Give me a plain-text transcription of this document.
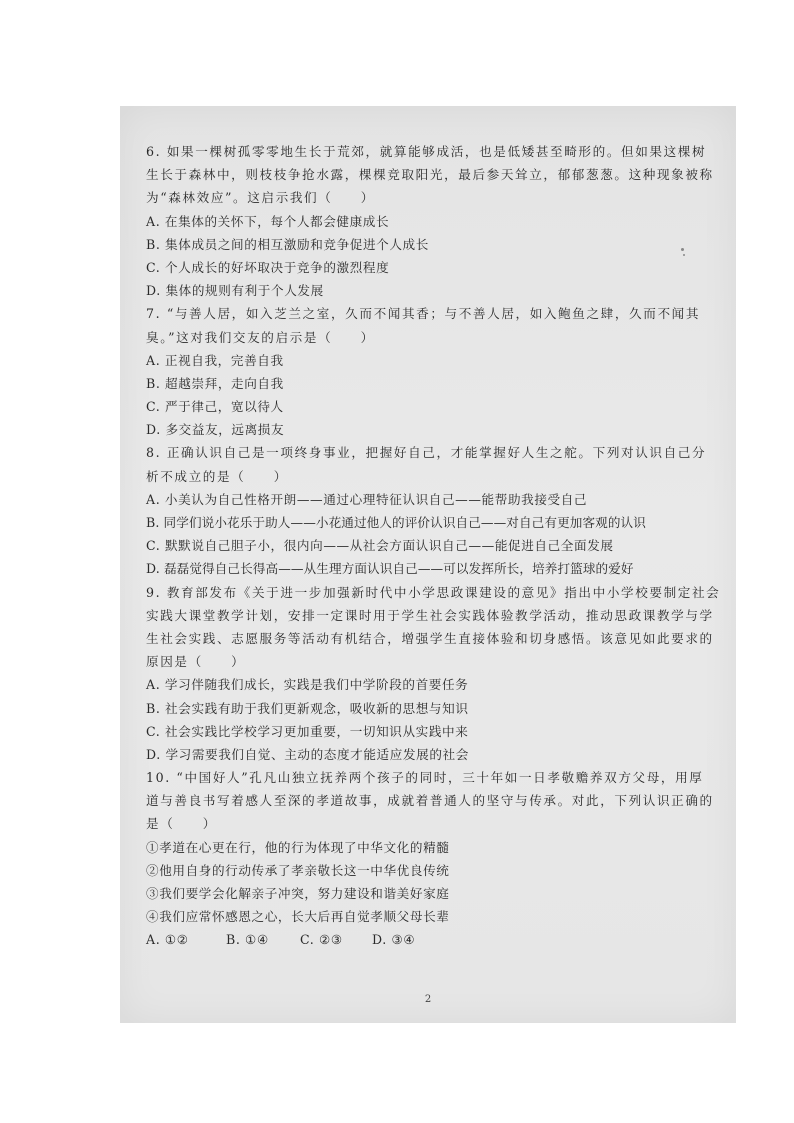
6. 如果一棵树孤零零地生长于荒郊，就算能够成活，也是低矮甚至畸形的。但如果这棵树
生长于森林中，则枝枝争抢水露，棵棵竞取阳光，最后参天耸立，郁郁葱葱。这种现象被称
为“森林效应”。这启示我们（　　）
A. 在集体的关怀下，每个人都会健康成长
B. 集体成员之间的相互激励和竞争促进个人成长
C. 个人成长的好坏取决于竞争的激烈程度
D. 集体的规则有利于个人发展
7. “与善人居，如入芝兰之室，久而不闻其香；与不善人居，如入鲍鱼之肆，久而不闻其
臭。”这对我们交友的启示是（　　）
A. 正视自我，完善自我
B. 超越崇拜，走向自我
C. 严于律己，宽以待人
D. 多交益友，远离损友
8. 正确认识自己是一项终身事业，把握好自己，才能掌握好人生之舵。下列对认识自己分
析不成立的是（　　）
A. 小美认为自己性格开朗——通过心理特征认识自己——能帮助我接受自己
B. 同学们说小花乐于助人——小花通过他人的评价认识自己——对自己有更加客观的认识
C. 默默说自己胆子小，很内向——从社会方面认识自己——能促进自己全面发展
D. 磊磊觉得自己长得高——从生理方面认识自己——可以发挥所长，培养打篮球的爱好
9. 教育部发布《关于进一步加强新时代中小学思政课建设的意见》指出中小学校要制定社会
实践大课堂教学计划，安排一定课时用于学生社会实践体验教学活动，推动思政课教学与学
生社会实践、志愿服务等活动有机结合，增强学生直接体验和切身感悟。该意见如此要求的
原因是（　　）
A. 学习伴随我们成长，实践是我们中学阶段的首要任务
B. 社会实践有助于我们更新观念，吸收新的思想与知识
C. 社会实践比学校学习更加重要，一切知识从实践中来
D. 学习需要我们自觉、主动的态度才能适应发展的社会
10. “中国好人”孔凡山独立抚养两个孩子的同时，三十年如一日孝敬赡养双方父母，用厚
道与善良书写着感人至深的孝道故事，成就着普通人的坚守与传承。对此，下列认识正确的
是（　　）
①孝道在心更在行，他的行为体现了中华文化的精髓
②他用自身的行动传承了孝亲敬长这一中华优良传统
③我们要学会化解亲子冲突，努力建设和谐美好家庭
④我们应常怀感恩之心，长大后再自觉孝顺父母长辈
A. ①②	B. ①④	C. ②③	D. ③④
2
